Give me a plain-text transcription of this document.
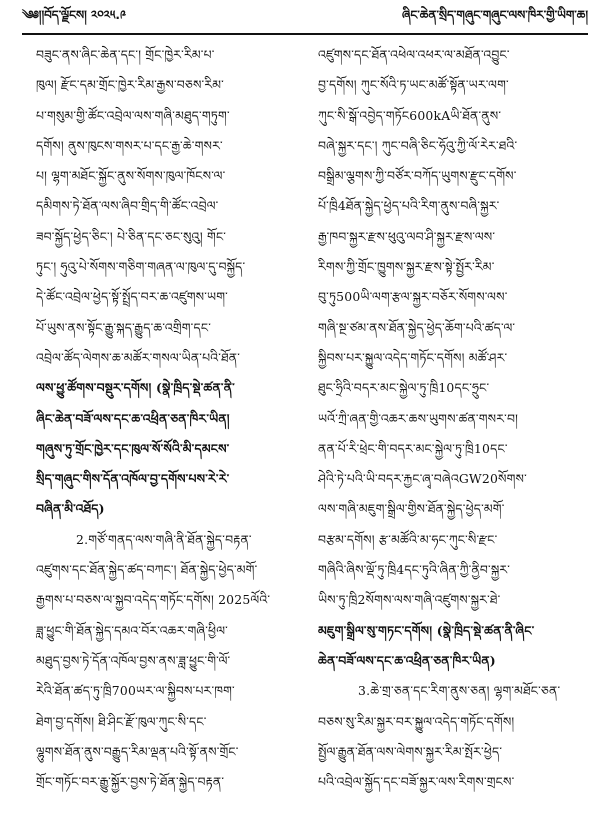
༄༅།།བོད་ལྗོངས། ༢༠༢༥.༩	ཞིང་ཆེན་སྲིད་གཞུང་གཞུང་ལས་ཁིར་གྱི་ཡིག་ཆ།
བཟུང་ནས་ཞིང་ཆེན་དང་། གྲོང་ཁྱེར་རིམ་པ་
ཁུལ། རྫོང་དམ་གྲོང་ཁྱེར་རིམ་རྒྱས་བཅས་རིམ་
པ་གསུམ་གྱི་ཚོང་འབྲེལ་ལས་གཞི་མཐུད་གཏུག་
དགོས། ནུས་ཁུངས་གསར་པ་དང་རྒྱ་ཆེ་གསར་
པ། ལྷག་མཐོང་སྐྱོང་ནུས་སོགས་ཁུལ་ཁོངས་ལ་
དམིགས་ཏེ་ཐོན་ལས་ཞིབ་གྲིད་གི་ཚོང་འབྲེལ་
ཟབ་སྐྱོད་ཕྱེད་ཅིང་། པེ་ཅིན་དང་ཅང་སུའུ། གོང་
ཏུང་། ཧུའུ་པེ་སོགས་གཅིག་གཞན་ལ་ཁུལ་དུ་བསྐྱོད་
དེ་ཚོང་འབྲེལ་ཕྱེད་སྟོ་སྤྲོད་བར་ཆ་འཛུགས་ཡག་
པོ་ཡུས་ནས་སྟོང་རྒྱུ་སྐད་རྒྱུད་ཆ་འགྲིག་དང་
འབྲེལ་ཚོད་ལེགས་ཆ་མཚོར་གསལ་ཡིན་པའི་ཐོན་
ལས་ཕྱུ་ཚོགས་བསྡུར་དགོས། (སྣེ་ཁྲིད་སྡེ་ཚན་ནི་
ཞིང་ཆེན་བཟོ་ལས་དང་ཆ་འཕྲིན་ཅན་ཁིར་ཡིན།
གཞུས་ཏུ་གྲོང་ཁྱེར་དང་ཁུལ་སོ་སོའི་མི་དམངས་
སྲིད་གཞུང་གིས་དོན་འཁོལ་བྱ་དགོས་པས་རེ་རེ་
བཞིན་མི་འཐོད)
2.གཙོ་གནད་ལས་གཞི་ནི་ཐོན་སྐྱེད་བརྟན་
འཛུགས་དང་ཐོན་སྐྱེད་ཚད་བཀང་། ཐོན་སྐྱེད་ཕྱེད་མགོ་
རྒྱགས་པ་བཅས་ལ་སྐྱབ་འདེད་གཏོང་དགོས། 2025ལོའི་
ཟླ་ཕྱུང་གི་ཐོན་སྐྱེད་དམའ་བོར་འཆར་གཞི་ཕྱིལ་
མཐུད་བྱས་ཏེ་དོན་འཁོལ་བྱས་ནས་ཟླ་ཕྱུང་གི་ལོ་
རེའི་ཐོན་ཚད་ཏུ་ཁྲི700ཡར་ལ་སྐྱིབས་པར་ཁག་
ཐེག་བྱ་དགོས། ཐི་ཤིང་རྫོ་ཁུལ་ཀུང་སི་དང་
ལྷུགས་ཐོན་ནུས་བརྒྱུད་རིམ་ལྡན་པའི་སྟོ་ནས་གྲོང་
གྲོང་གཏོང་བར་རྒྱུ་སྐྱོར་བྱས་ཏེ་ཐོན་སྐྱེད་བརྟན་
འཛུགས་དང་ཐོན་འཕེལ་འཕར་ལ་མཐོན་འབྱུང་
བྱ་དགོས། ཀུང་སོའི་ཏ་ཡང་མཚོ་སྟོན་ཡར་ལག་
ཀུང་སི་སྒོ་འབྱེད་གཏོང600kAཡི་ཐོན་ནུས་
བཞེ་སྐྱར་དང་། ཀུང་བཞི་ཅིང་ཧོའུ་ཀྱི་ལོ་རེར་ཐའི་
བསྒྲིམ་ལྕགས་ཀྱི་བཙོར་བཀོད་ཡུགས་རྫུང་དགོས་
པོ་ཁྲི4ཐོན་སྐྱེད་ཕྱེད་པའི་རིག་ནུས་བཞི་སྐྱར་
རྒྱ་ཁབ་སྐྱར་རྫས་ཕུའུ་ལབ་ཤི་སྐྱར་རྫས་ལས་
རིགས་ཀྱི་གྲོང་ཁྱུགས་སྐྱར་རྫས་སྟེ་སྤྱོར་རིམ་
བུ་ཏུ500ཡི་ལག་རྩལ་སྐྱར་བཅོར་སོགས་ལས་
གཞི་སྔ་ཙམ་ནས་ཐོན་སྐྱེད་ཕྱེད་ཆོག་པའི་ཚད་ལ་
སྐྱིབས་པར་སྐྱུལ་འདེད་གཏོང་དགོས། མཚོ་ཤར་
ཐུང་ཧྲིའི་བདར་མང་སྐྱེལ་ཏུ་ཁྲི10དང་ཧྲུང་
ཡའོ་ཀྲི་ཞན་གྱི་འཆར་ཆས་ཡུགས་ཚན་གསར་བ།
ནན་པོ་རི་ཕྲེང་གི་བདར་མང་སྐྱེལ་ཏུ་ཁྲི10དང་
ཤེའི་ཏེ་པའི་ཡི་བདར་རྐྱང་ཞྭ་བཞེའGW20སོགས་
ལས་གཞི་མཇུག་སྒྲིལ་གྱིས་ཐོན་སྐྱེད་ཕྱེད་མགོ་
བརྩམ་དགོས། རྩ་མཚོའི་མ་ཧང་ཀུང་སི་རྫང་
གཞིའི་ཞིས་ལྡོ་ཏུ་ཁྲི4དང་ཏུའི་ཞིན་ཀྱི་ནྱིབ་སྐྱར་
ཡིས་ཏུ་ཁྲི2སོགས་ལས་གཞི་འཛུགས་སྐྱར་ཐེ་
མཇུག་སྒྲིལ་སུ་གཏང་དགོས། (སྣེ་ཁྲིད་སྡེ་ཚན་ནི་ཞིང་
ཆེན་བཟོ་ལས་དང་ཆ་འཕྲིན་ཅན་ཁིར་ཡིན)
3.ཆེ་གྲ་ཅན་དང་རིག་ནུས་ཅན། ལྷག་མཐོང་ཅན་
བཅས་སུ་རིམ་སྐྱར་བར་སྐྱུལ་འདེད་གཏོང་དགོས།
སྤྱོལ་རྒྱུན་ཐོན་ལས་ལེགས་སྐྱར་རིམ་སྤོར་ཕྱེད་
པའི་འབྲེལ་སྐྱོད་དང་བཟོ་སྐྱར་ལས་རིགས་གྲངས་
